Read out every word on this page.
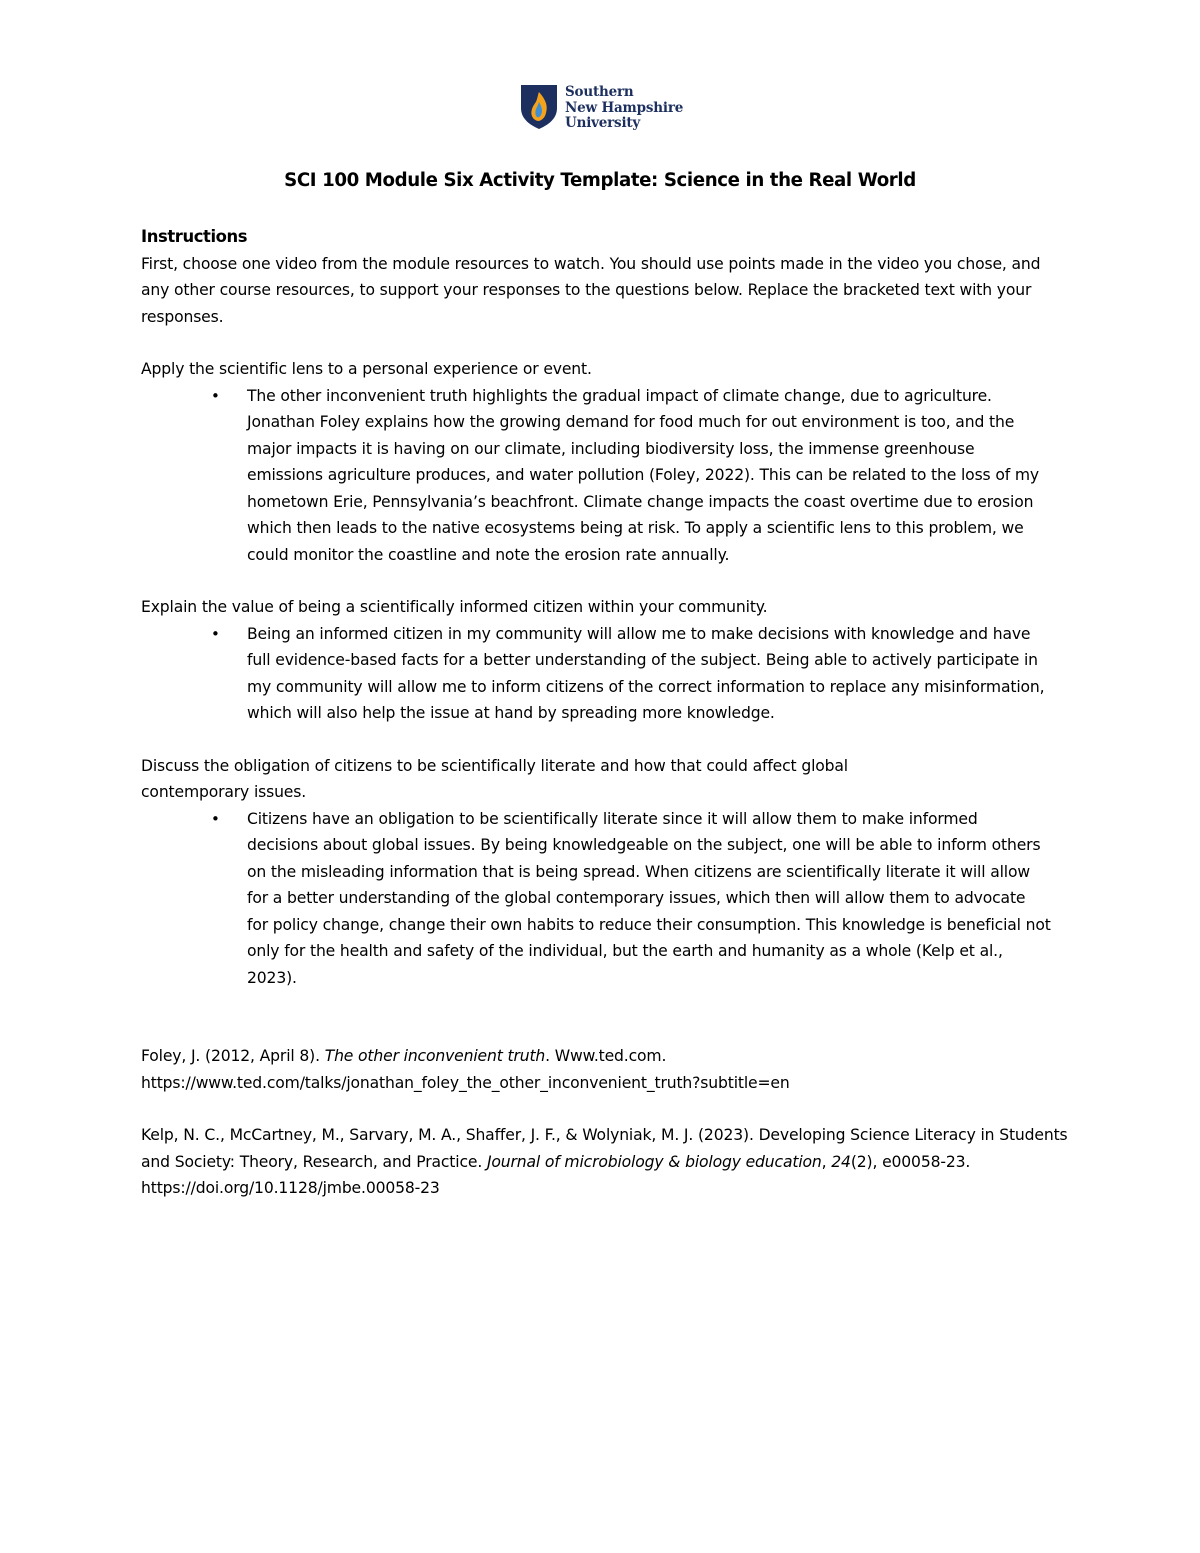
Southern
New Hampshire
University
SCI 100 Module Six Activity Template: Science in the Real World

Instructions

First, choose one video from the module resources to watch. You should use points made in the video you chose, and any other course resources, to support your responses to the questions below. Replace the bracketed text with your responses.

Apply the scientific lens to a personal experience or event.

• The other inconvenient truth highlights the gradual impact of climate change, due to agriculture. Jonathan Foley explains how the growing demand for food much for out environment is too, and the major impacts it is having on our climate, including biodiversity loss, the immense greenhouse emissions agriculture produces, and water pollution (Foley, 2022). This can be related to the loss of my hometown Erie, Pennsylvania’s beachfront. Climate change impacts the coast overtime due to erosion which then leads to the native ecosystems being at risk. To apply a scientific lens to this problem, we could monitor the coastline and note the erosion rate annually.

Explain the value of being a scientifically informed citizen within your community.

• Being an informed citizen in my community will allow me to make decisions with knowledge and have full evidence-based facts for a better understanding of the subject. Being able to actively participate in my community will allow me to inform citizens of the correct information to replace any misinformation, which will also help the issue at hand by spreading more knowledge.

Discuss the obligation of citizens to be scientifically literate and how that could affect global contemporary issues.

• Citizens have an obligation to be scientifically literate since it will allow them to make informed decisions about global issues. By being knowledgeable on the subject, one will be able to inform others on the misleading information that is being spread. When citizens are scientifically literate it will allow for a better understanding of the global contemporary issues, which then will allow them to advocate for policy change, change their own habits to reduce their consumption. This knowledge is beneficial not only for the health and safety of the individual, but the earth and humanity as a whole (Kelp et al., 2023).

Foley, J. (2012, April 8). The other inconvenient truth. Www.ted.com.

https://www.ted.com/talks/jonathan_foley_the_other_inconvenient_truth?subtitle=en

Kelp, N. C., McCartney, M., Sarvary, M. A., Shaffer, J. F., & Wolyniak, M. J. (2023). Developing Science Literacy in Students and Society: Theory, Research, and Practice. Journal of microbiology & biology education, 24(2), e00058-23. https://doi.org/10.1128/jmbe.00058-23
